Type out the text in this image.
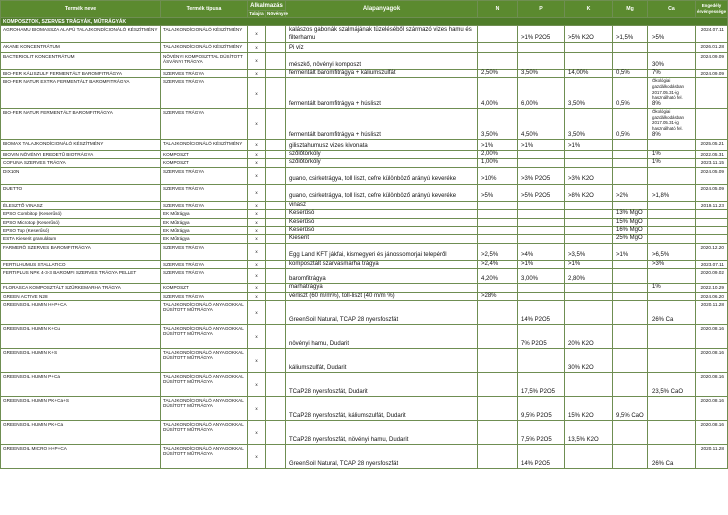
Termék neve	Termék típusa	Alkalmazás		Alapanyagok	N	P	K	Mg	Ca	Engedély érvényessége
		Talajra	Növényre							
KOMPOSZTOK, SZERVES TRÁGYÁK, MŰTRÁGYÁK										
AGROHAMU BIOMASSZA ALAPÚ TALAJKONDÍCIONÁLÓ KÉSZÍTMÉNY	TALAJKONDÍCIONÁLÓ KÉSZÍTMÉNY	x		kalászos gabonák szalmájának tüzeléséből származó vizes hamu és filterhamu		>1% P2O5	>5% K2O	>1,5%	>5%	2024.07.11
AKANE KONCENTRÁTUM	TALAJKONDÍCIONÁLÓ KÉSZÍTMÉNY	x		Pi víz						2026.01.28
BACTERIOLIT KONCENTRÁTUM	NÖVÉNYI KOMPOSZTTAL DÚSÍTOTT ÁSVÁNYI TRÁGYA	x		mészkő, növényi komposzt					30%	2024.09.09
BIO-FER KÁLISZULF FERMENTÁLT BAROMFITRÁGYA	SZERVES TRÁGYA	x		fermentált baromfitrágya + káliumszulfát	2,50%	3,50%	14,00%	0,5%	7%	2024.09.09
BIO-FER NATUR EXTRA FERMENTÁLT BAROMFITRÁGYA	SZERVES TRÁGYA	x		fermentált baromfitrágya + húsliszt	4,00%	6,00%	3,50%	0,5%	Ökológiai gazdálkodásban 2017.05.31-ig használható fel.
8%	
BIO-FER NATUR FERMENTÁLT BAROMFITRÁGYA	SZERVES TRÁGYA	x		fermentált baromfitrágya + húsliszt	3,50%	4,50%	3,50%	0,5%	Ökológiai gazdálkodásban 2017.05.31-ig használható fel.
8%	
BIOMAX TALAJKONDÍCIONÁLÓ KÉSZÍTMÉNY	TALAJKONDÍCIONÁLÓ KÉSZÍTMÉNY	x		gilisztahumusz vizes kivonata	>1%	>1%	>1%			2025.05.21
BIOVIN NÖVÉNYI EREDETŰ BIOTRÁGYA	KOMPOSZT	x		szőlőtörköly	2,00%				1%	2022.05.31
COFUNA SZERVES TRÁGYA	KOMPOSZT	x		szőlőtörköly	1,00%				1%	2023.11.15
DIX10N	SZERVES TRÁGYA	x		guano, csirketrágya, toll liszt, cefre különböző arányú keveréke	>10%	>3% P2O5	>3% K2O			2024.05.09
DUETTO	SZERVES TRÁGYA	x		guano, csirketrágya, toll liszt, cefre különböző arányú keveréke	>5%	>5% P2O5	>8% K2O	>2%	>1,8%	2024.05.09
ÉLESZTŐ VINASZ	SZERVES TRÁGYA	x		vinasz						2019.11.23
EPSO Combitop (Keserűsó)	EK Műtrágya	x		Keserűsó				13% MgO		
EPSO Microtop (Keserűsó)	EK Műtrágya	x		Keserűsó				15% MgO		
EPSO Top (Keserűsó)	EK Műtrágya	x		Keserűsó				16% MgO		
ESTA Kieserit granulátum	EK Műtrágya	x		Kieserit				25% MgO		
FARMERÖ SZERVES BAROMFITRÁGYA	SZERVES TRÁGYA	x		Egg Land KFT jákfai, kismegyeri és jánossomorjai telepéről	>2,5%	>4%	>3,5%	>1%	>6,5%	2020.12.20
FERTILHUMUS STALLATICO	SZERVES TRÁGYA	x		komposztált szarvasmarha trágya	>2,4%	>1%	>1%		>3%	2023.07.11
FERTIPLUS NPK 4-3-3 BAROMFI SZERVES TRÁGYA PELLET	SZERVES TRÁGYA	x		baromfitrágya	4,20%	3,00%	2,80%			2020.09.02
FLORASCA KOMPOSZTÁLT SZÜRKEMARHA TRÁGYA	KOMPOSZT	x		marhatrágya					1%	2022.10.29
GREEN ACTIVE N28	SZERVES TRÁGYA	x		vérliszt (60 m/m%), toll-liszt (40 m/m %)	>28%					2024.06.20
GREENSOIL HUMIN H+P+CA	TALAJKONDÍCIONÁLÓ ANYAGOKKAL DÚSÍTOTT MŰTRÁGYA	x		GreenSoil Natural, TCAP 28 nyersfoszfát		14% P2O5			26% Ca	2020.11.28
GREENSOIL HUMIN K+Cu	TALAJKONDÍCIONÁLÓ ANYAGOKKAL DÚSÍTOTT MŰTRÁGYA	x		növényi hamu, Dudarit		7% P2O5	20% K2O			2020.08.16
GREENSOIL HUMIN K+S	TALAJKONDÍCIONÁLÓ ANYAGOKKAL DÚSÍTOTT MŰTRÁGYA	x		káliumszulfát, Dudarit			30% K2O			2020.08.16
GREENSOIL HUMIN P+Ca	TALAJKONDÍCIONÁLÓ ANYAGOKKAL DÚSÍTOTT MŰTRÁGYA	x		TCaP28 nyersfoszfát, Dudarit		17,5% P2O5			23,5% CaO	2020.08.16
GREENSOIL HUMIN PK+Ca+S	TALAJKONDÍCIONÁLÓ ANYAGOKKAL DÚSÍTOTT MŰTRÁGYA	x		TCaP28 nyersfoszfát, káliumszulfát, Dudarit		9,5% P2O5	15% K2O	9,5% CaO		2020.08.16
GREENSOIL HUMIN PK+Ca	TALAJKONDÍCIONÁLÓ ANYAGOKKAL DÚSÍTOTT MŰTRÁGYA	x		TCaP28 nyersfoszfát, növényi hamu, Dudarit		7,5% P2O5	13,5% K2O			2020.08.16
GREENSOIL MICRO H+P+CA	TALAJKONDÍCIONÁLÓ ANYAGOKKAL DÚSÍTOTT MŰTRÁGYA	x		GreenSoil Natural, TCAP 28 nyersfoszfát		14% P2O5			26% Ca	2020.11.28
